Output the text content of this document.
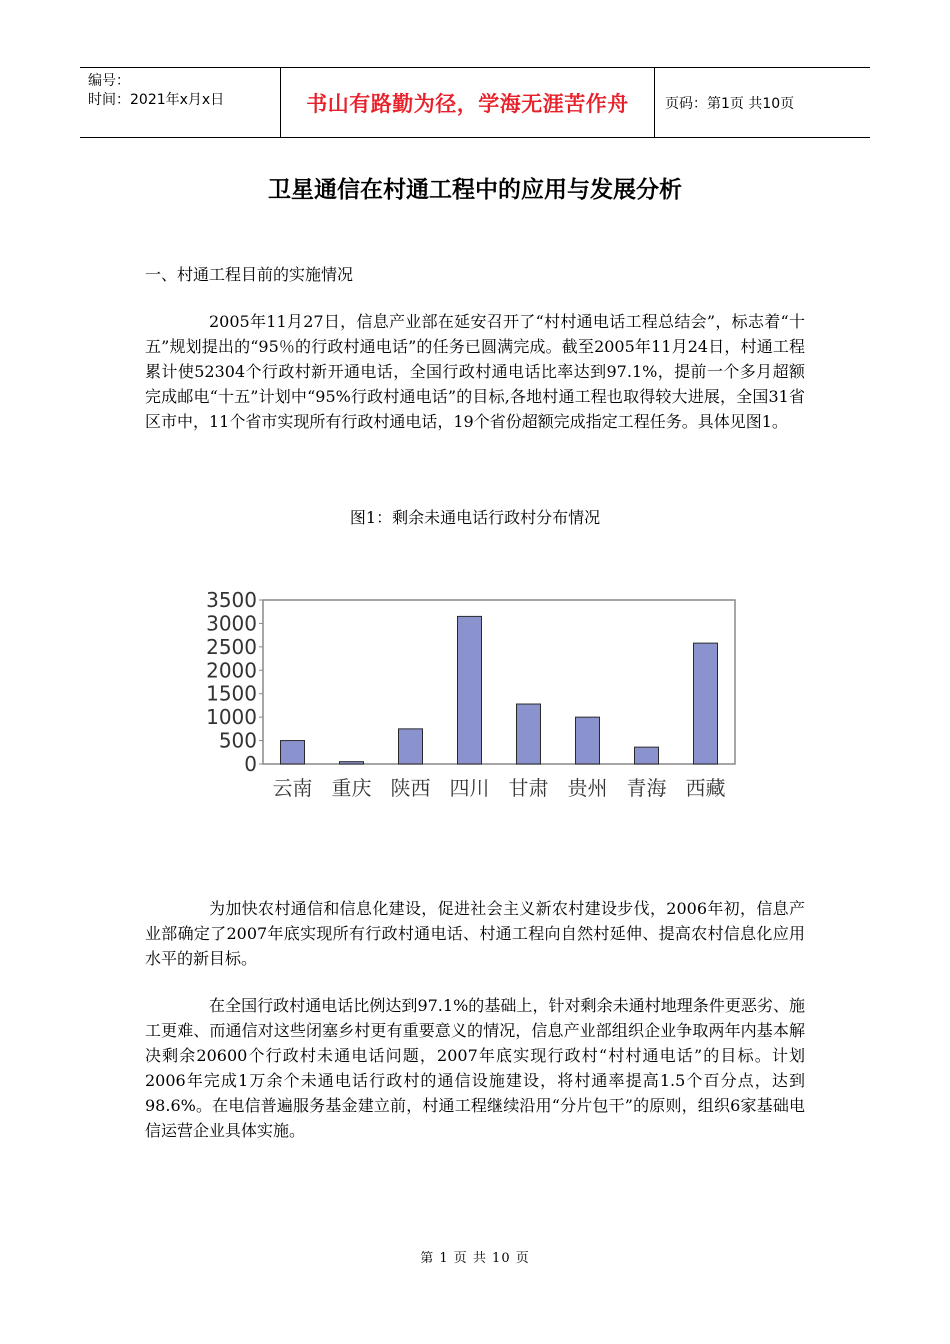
编号：
时间：2021年x月x日	书山有路勤为径，学海无涯苦作舟	页码：第1页 共10页
卫星通信在村通工程中的应用与发展分析
一、村通工程目前的实施情况

2005年11月27日，信息产业部在延安召开了“村村通电话工程总结会”，标志着“十五”规划提出的“95％的行政村通电话”的任务已圆满完成。截至2005年11月24日，村通工程累计使52304个行政村新开通电话，全国行政村通电话比率达到97.1%，提前一个多月超额完成邮电“十五”计划中“95%行政村通电话”的目标,各地村通工程也取得较大进展，全国31省区市中，11个省市实现所有行政村通电话，19个省份超额完成指定工程任务。具体见图1。

图1：剩余未通电话行政村分布情况
0
500
1000
1500
2000
2500
3000
3500
云南 重庆 陕西 四川 甘肃 贵州 青海 西藏

为加快农村通信和信息化建设，促进社会主义新农村建设步伐，2006年初，信息产业部确定了2007年底实现所有行政村通电话、村通工程向自然村延伸、提高农村信息化应用水平的新目标。

在全国行政村通电话比例达到97.1%的基础上，针对剩余未通村地理条件更恶劣、施工更难、而通信对这些闭塞乡村更有重要意义的情况，信息产业部组织企业争取两年内基本解决剩余20600个行政村未通电话问题，2007年底实现行政村“村村通电话”的目标。计划2006年完成1万余个未通电话行政村的通信设施建设，将村通率提高1.5个百分点，达到98.6%。在电信普遍服务基金建立前，村通工程继续沿用“分片包干”的原则，组织6家基础电信运营企业具体实施。

第 1 页 共 10 页
